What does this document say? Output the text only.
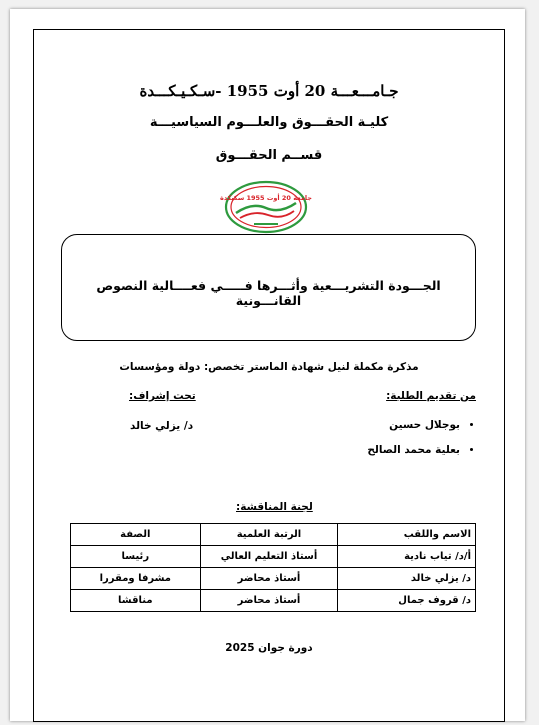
جـامـــعـــة 20 أوت 1955 -سـكـيـكـــدة
كليـة الحقـــوق والعلـــوم السياسيـــة
قســم الحقـــوق
جامعة 20 أوت 1955 سكيكدة
الجـــودة التشريـــعية وأثـــرها فـــــي فعــــالية النصوص القانـــونية
مذكرة مكملة لنيل شهادة الماستر تخصص: دولة ومؤسسات
من تقديم الطلبة:
تحت إشراف:
• بوجلال حسين
• بعلية محمد الصالح
د/ يزلي خالد
لجنة المناقشة:
الاسم واللقب	الرتبة العلمية	الصفة
أ/د/ تياب نادية	أستاذ التعليم العالي	رئيسا
د/ يزلي خالد	أستاذ محاضر	مشرفا ومقررا
د/ قروف جمال	أستاذ محاضر	مناقشا
دورة جوان 2025
